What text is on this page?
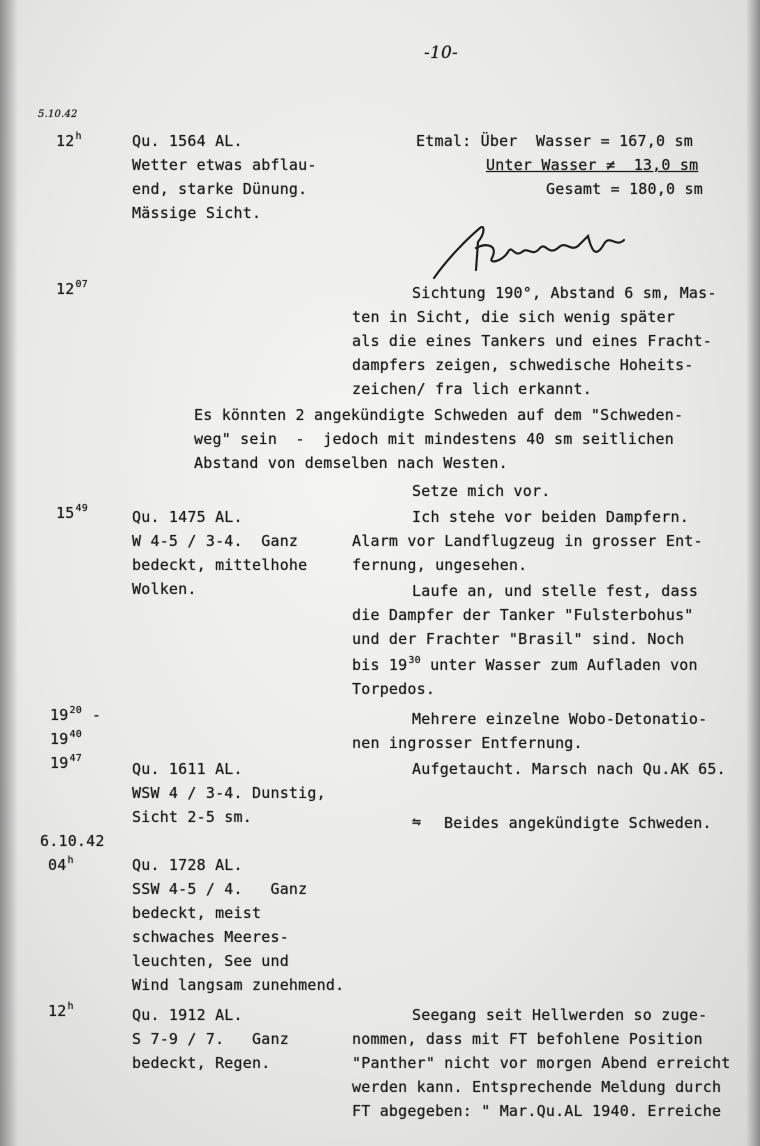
-10-
5.10.42
12$^h$	Qu. 1564 AL.
Wetter etwas abflau-
end, starke Dünung.
Mässige Sicht.
Etmal: Über  Wasser = 167,0 sm
Unter Wasser ≠  13,0 sm
Gesamt = 180,0 sm
$12^{07}$	Sichtung 190°, Abstand 6 sm, Mas-
ten in Sicht, die sich wenig später
als die eines Tankers und eines Fracht-
dampfers zeigen, schwedische Hoheits-
zeichen/ fra lich erkannt.
Es könnten 2 angekündigte Schweden auf dem "Schweden-
weg" sein  -  jedoch mit mindestens 40 sm seitlichen
Abstand von demselben nach Westen.
Setze mich vor.
$15^{49}$	Qu. 1475 AL.
W 4-5 / 3-4.  Ganz
bedeckt, mittelhohe
Wolken.
Ich stehe vor beiden Dampfern.
Alarm vor Landflugzeug in grosser Ent-
fernung, ungesehen.
Laufe an, und stelle fest, dass
die Dampfer der Tanker "Fulsterbohus"
und der Frachter "Brasil" sind. Noch
bis $19^{30}$ unter Wasser zum Aufladen von
Torpedos.
$19^{20}$ -
$19^{40}$
Mehrere einzelne Wobo-Detonatio-
nen ingrosser Entfernung.
$19^{47}$
Qu. 1611 AL.
WSW 4 / 3-4. Dunstig,
Sicht 2-5 sm.
Aufgetaucht. Marsch nach Qu.AK 65.
⇋ Beides angekündigte Schweden.
6.10.42
04$^h$	Qu. 1728 AL.
SSW 4-5 / 4.   Ganz
bedeckt, meist
schwaches Meeres-
leuchten, See und
Wind langsam zunehmend.
12$^h$	Qu. 1912 AL.
S 7-9 / 7.   Ganz
bedeckt, Regen.
Seegang seit Hellwerden so zuge-
nommen, dass mit FT befohlene Position
"Panther" nicht vor morgen Abend erreicht
werden kann. Entsprechende Meldung durch
FT abgegeben: " Mar.Qu.AL 1940. Erreiche
